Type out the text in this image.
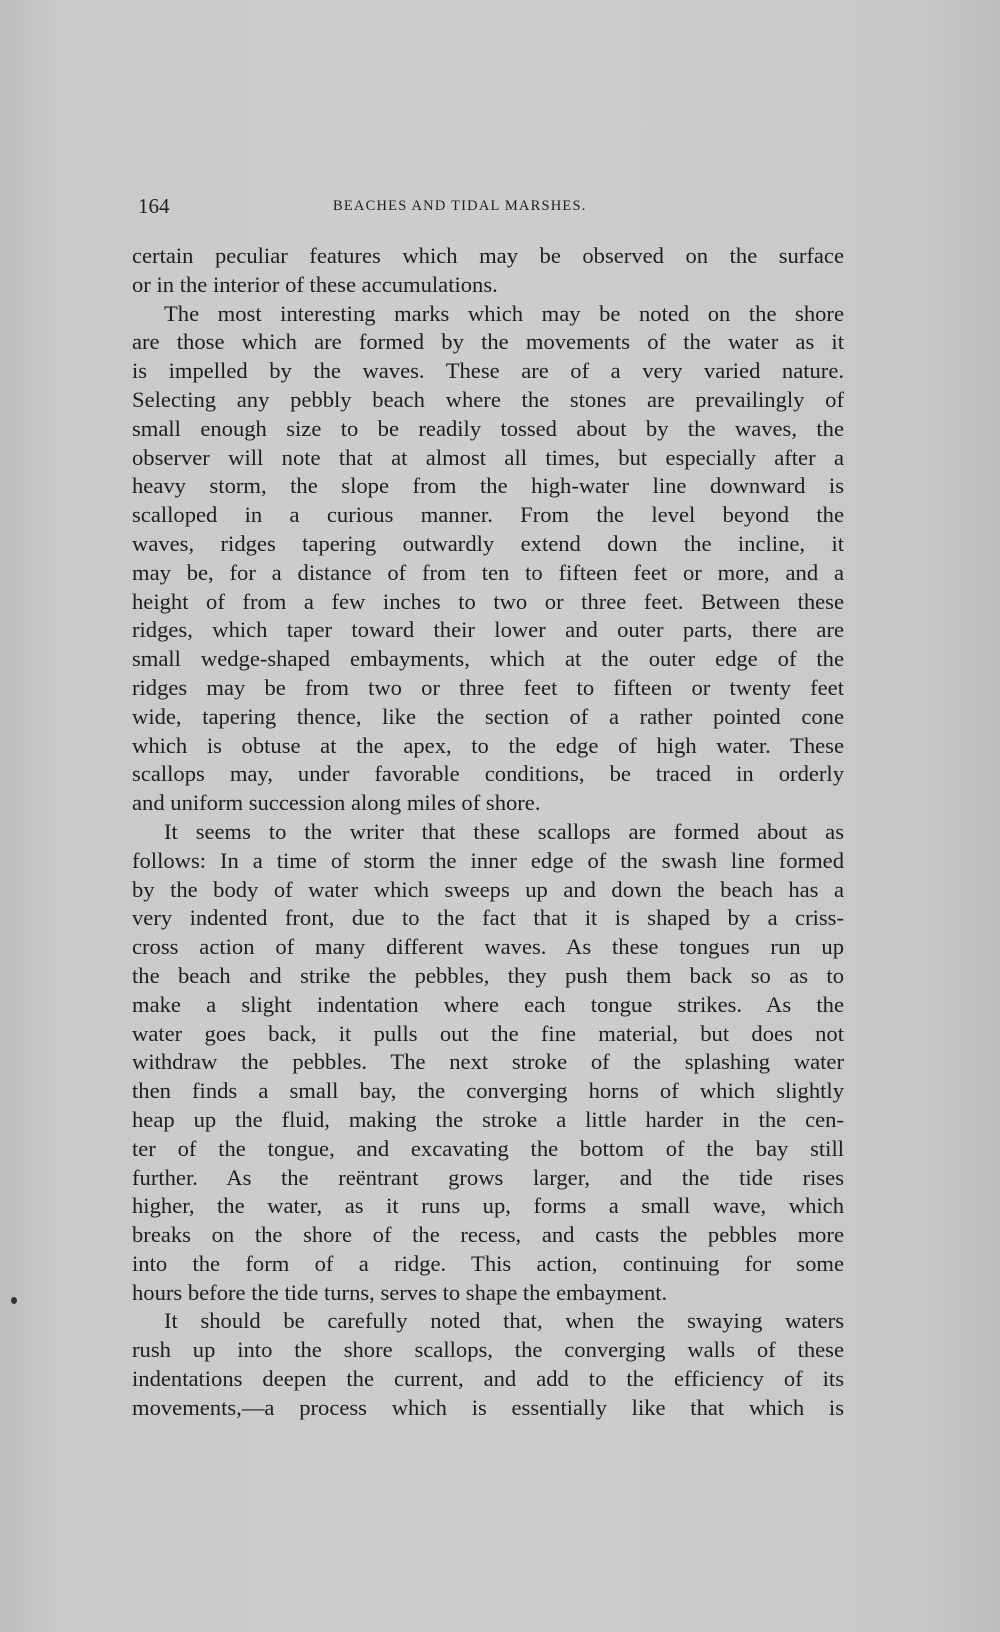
164	BEACHES AND TIDAL MARSHES.
certain peculiar features which may be observed on the surface
or in the interior of these accumulations.
The most interesting marks which may be noted on the shore
are those which are formed by the movements of the water as it
is impelled by the waves. These are of a very varied nature.
Selecting any pebbly beach where the stones are prevailingly of
small enough size to be readily tossed about by the waves, the
observer will note that at almost all times, but especially after a
heavy storm, the slope from the high-water line downward is
scalloped in a curious manner. From the level beyond the
waves, ridges tapering outwardly extend down the incline, it
may be, for a distance of from ten to fifteen feet or more, and a
height of from a few inches to two or three feet. Between these
ridges, which taper toward their lower and outer parts, there are
small wedge-shaped embayments, which at the outer edge of the
ridges may be from two or three feet to fifteen or twenty feet
wide, tapering thence, like the section of a rather pointed cone
which is obtuse at the apex, to the edge of high water. These
scallops may, under favorable conditions, be traced in orderly
and uniform succession along miles of shore.
It seems to the writer that these scallops are formed about as
follows: In a time of storm the inner edge of the swash line formed
by the body of water which sweeps up and down the beach has a
very indented front, due to the fact that it is shaped by a criss-
cross action of many different waves. As these tongues run up
the beach and strike the pebbles, they push them back so as to
make a slight indentation where each tongue strikes. As the
water goes back, it pulls out the fine material, but does not
withdraw the pebbles. The next stroke of the splashing water
then finds a small bay, the converging horns of which slightly
heap up the fluid, making the stroke a little harder in the cen-
ter of the tongue, and excavating the bottom of the bay still
further. As the reëntrant grows larger, and the tide rises
higher, the water, as it runs up, forms a small wave, which
breaks on the shore of the recess, and casts the pebbles more
into the form of a ridge. This action, continuing for some
hours before the tide turns, serves to shape the embayment.
It should be carefully noted that, when the swaying waters
rush up into the shore scallops, the converging walls of these
indentations deepen the current, and add to the efficiency of its
movements,—a process which is essentially like that which is
